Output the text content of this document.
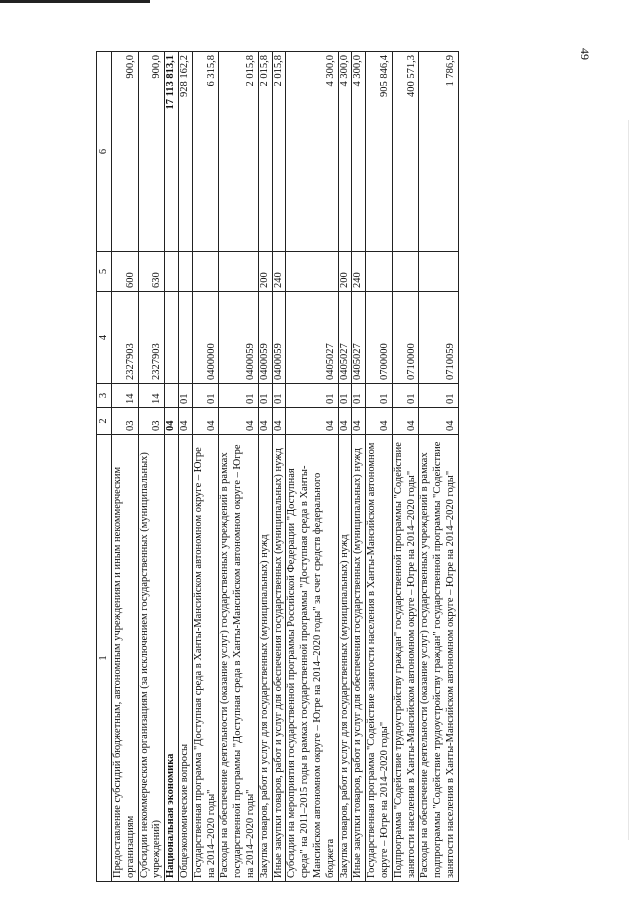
49
1	2	3	4	5	6
Предоставление субсидий бюджетным, автономным учреждениям и иным некоммерческим организациям	03	14	2327903	600	900,0
Субсидии некоммерческим организациям (за исключением государственных (муниципальных) учреждений)	03	14	2327903	630	900,0
Национальная экономика	04				17 113 813,1
Общеэкономические вопросы	04	01			928 162,2
Государственная программа "Доступная среда в Ханты-Мансийском автономном округе – Югре на 2014–2020 годы"	04	01	0400000		6 315,8
Расходы на обеспечение деятельности (оказание услуг) государственных учреждений в рамках государственной программы "Доступная среда в Ханты-Мансийском автономном округе – Югре на 2014–2020 годы"	04	01	0400059		2 015,8
Закупка товаров, работ и услуг для государственных (муниципальных) нужд	04	01	0400059	200	2 015,8
Иные закупки товаров, работ и услуг для обеспечения государственных (муниципальных) нужд	04	01	0400059	240	2 015,8
Субсидии на мероприятия государственной программы Российской Федерации "Доступная среда" на 2011–2015 годы в рамках государственной программы "Доступная среда в Ханты-Мансийском автономном округе – Югре на 2014–2020 годы" за счет средств федерального бюджета	04	01	0405027		4 300,0
Закупка товаров, работ и услуг для государственных (муниципальных) нужд	04	01	0405027	200	4 300,0
Иные закупки товаров, работ и услуг для обеспечения государственных (муниципальных) нужд	04	01	0405027	240	4 300,0
Государственная программа "Содействие занятости населения в Ханты-Мансийском автономном округе – Югре на 2014–2020 годы"	04	01	0700000		905 846,4
Подпрограмма "Содействие трудоустройству граждан" государственной программы "Содействие занятости населения в Ханты-Мансийском автономном округе – Югре на 2014–2020 годы"	04	01	0710000		400 571,3
Расходы на обеспечение деятельности (оказание услуг) государственных учреждений в рамках подпрограммы "Содействие трудоустройству граждан" государственной программы "Содействие занятости населения в Ханты-Мансийском автономном округе – Югре на 2014–2020 годы"	04	01	0710059		1 786,9
